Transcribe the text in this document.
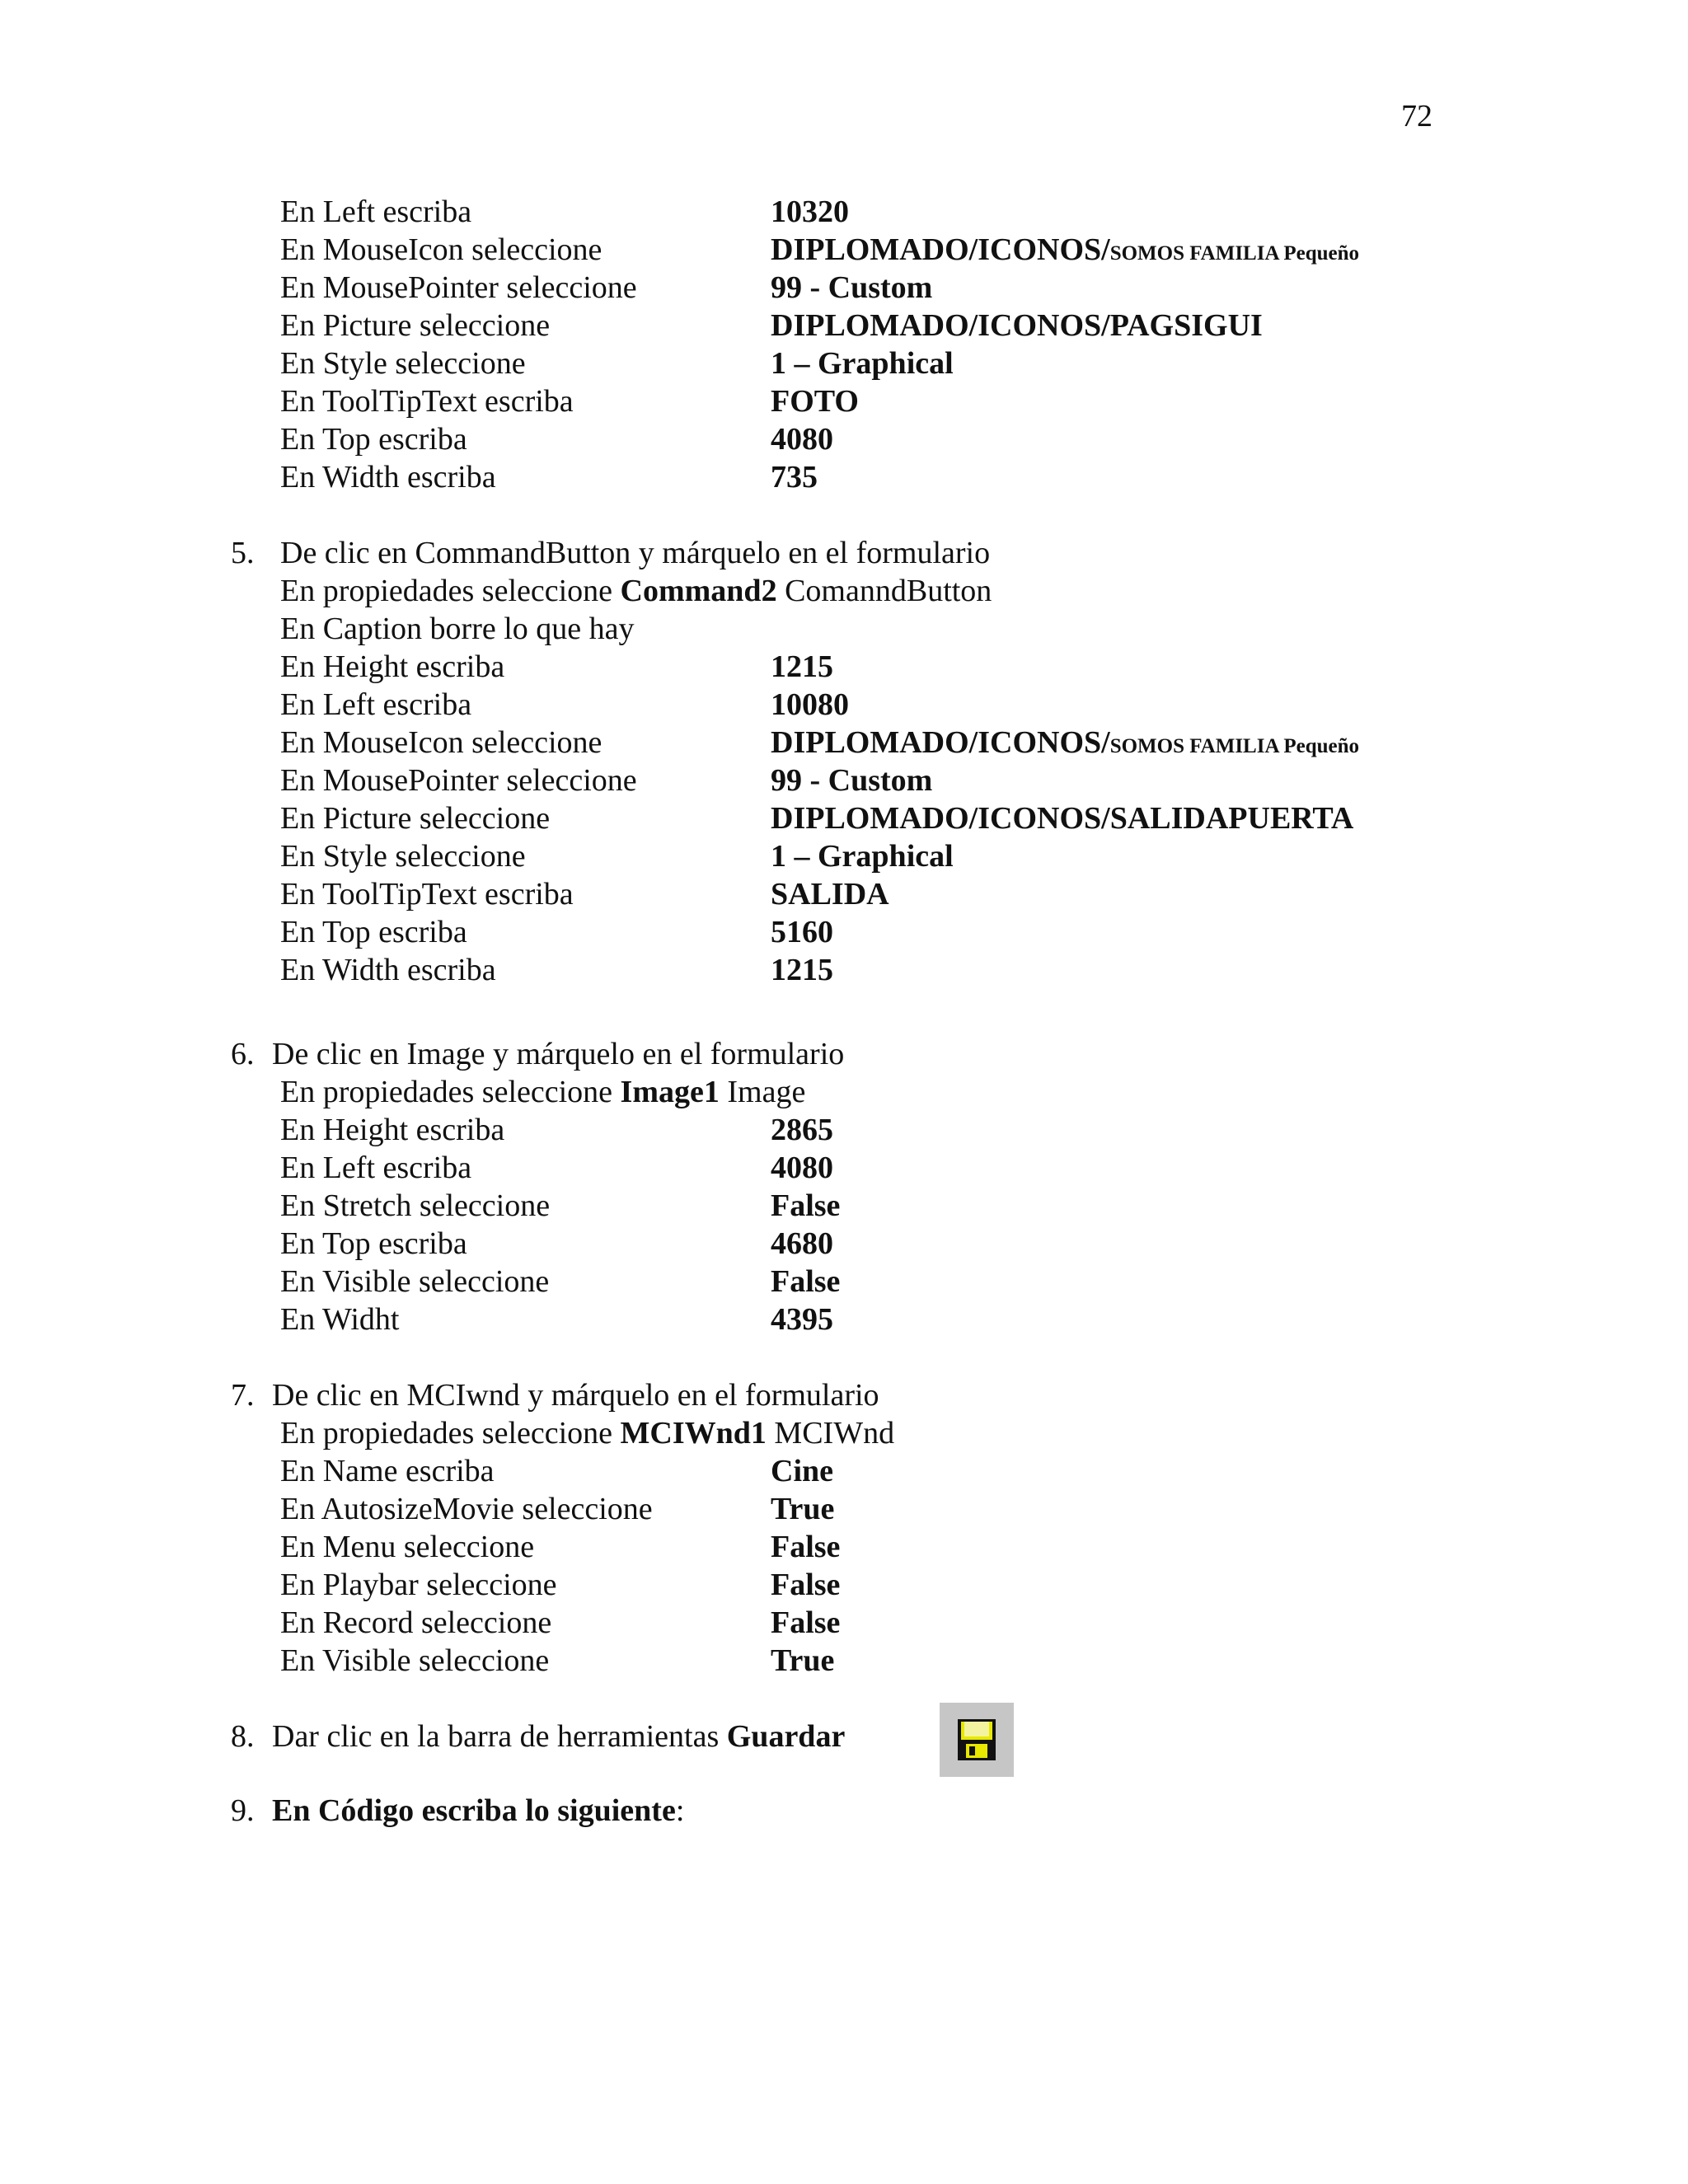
72
En Left escriba	10320
En MouseIcon seleccione	DIPLOMADO/ICONOS/SOMOS FAMILIA Pequeño
En MousePointer seleccione	99 - Custom
En Picture seleccione	DIPLOMADO/ICONOS/PAGSIGUI
En Style seleccione	1 – Graphical
En ToolTipText escriba	FOTO
En Top escriba	4080
En Width escriba	735
5. De clic en CommandButton y márquelo en el formulario
En propiedades seleccione Command2 ComanndButton
En Caption borre lo que hay
En Height escriba	1215
En Left escriba	10080
En MouseIcon seleccione	DIPLOMADO/ICONOS/SOMOS FAMILIA Pequeño
En MousePointer seleccione	99 - Custom
En Picture seleccione	DIPLOMADO/ICONOS/SALIDAPUERTA
En Style seleccione	1 – Graphical
En ToolTipText escriba	SALIDA
En Top escriba	5160
En Width escriba	1215
6. De clic en Image y márquelo en el formulario
En propiedades seleccione Image1 Image
En Height escriba	2865
En Left escriba	4080
En Stretch seleccione	False
En Top escriba	4680
En Visible seleccione	False
En Widht	4395
7. De clic en MCIwnd y márquelo en el formulario
En propiedades seleccione MCIWnd1 MCIWnd
En Name escriba	Cine
En AutosizeMovie seleccione	True
En Menu seleccione	False
En Playbar seleccione	False
En Record seleccione	False
En Visible seleccione	True
8. Dar clic en la barra de herramientas Guardar
9. En Código escriba lo siguiente:
